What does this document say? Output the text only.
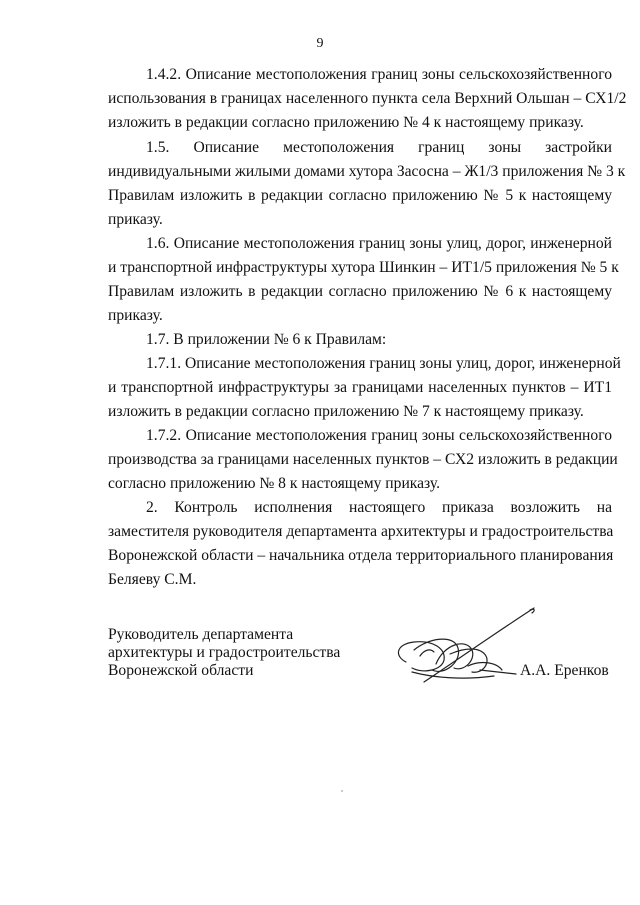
9
1.4.2. Описание местоположения границ зоны сельскохозяйственного
использования в границах населенного пункта села Верхний Ольшан – СХ1/2
изложить в редакции согласно приложению № 4 к настоящему приказу.
1.5. Описание местоположения границ зоны застройки
индивидуальными жилыми домами хутора Засосна – Ж1/3 приложения № 3 к
Правилам изложить в редакции согласно приложению № 5 к настоящему
приказу.
1.6. Описание местоположения границ зоны улиц, дорог, инженерной
и транспортной инфраструктуры хутора Шинкин – ИТ1/5 приложения № 5 к
Правилам изложить в редакции согласно приложению № 6 к настоящему
приказу.
1.7. В приложении № 6 к Правилам:
1.7.1. Описание местоположения границ зоны улиц, дорог, инженерной
и транспортной инфраструктуры за границами населенных пунктов – ИТ1
изложить в редакции согласно приложению № 7 к настоящему приказу.
1.7.2. Описание местоположения границ зоны сельскохозяйственного
производства за границами населенных пунктов – СХ2 изложить в редакции
согласно приложению № 8 к настоящему приказу.
2. Контроль исполнения настоящего приказа возложить на
заместителя руководителя департамента архитектуры и градостроительства
Воронежской области – начальника отдела территориального планирования
Беляеву С.М.
Руководитель департамента
архитектуры и градостроительства
Воронежской области	А.А. Еренков
